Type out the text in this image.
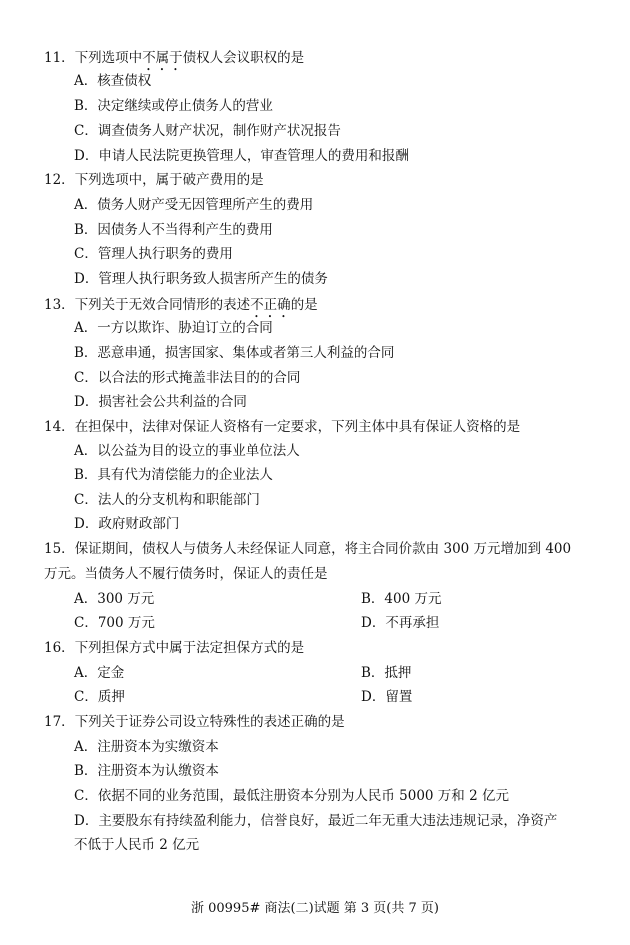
11．下列选项中不属于债权人会议职权的是
A．核查债权
B．决定继续或停止债务人的营业
C．调查债务人财产状况，制作财产状况报告
D．申请人民法院更换管理人，审查管理人的费用和报酬
12．下列选项中，属于破产费用的是
A．债务人财产受无因管理所产生的费用
B．因债务人不当得利产生的费用
C．管理人执行职务的费用
D．管理人执行职务致人损害所产生的债务
13．下列关于无效合同情形的表述不正确的是
A．一方以欺诈、胁迫订立的合同
B．恶意串通，损害国家、集体或者第三人利益的合同
C．以合法的形式掩盖非法目的的合同
D．损害社会公共利益的合同
14．在担保中，法律对保证人资格有一定要求，下列主体中具有保证人资格的是
A．以公益为目的设立的事业单位法人
B．具有代为清偿能力的企业法人
C．法人的分支机构和职能部门
D．政府财政部门
15．保证期间，债权人与债务人未经保证人同意，将主合同价款由 300 万元增加到 400
万元。当债务人不履行债务时，保证人的责任是
A．300 万元	B．400 万元
C．700 万元	D．不再承担
16．下列担保方式中属于法定担保方式的是
A．定金	B．抵押
C．质押	D．留置
17．下列关于证券公司设立特殊性的表述正确的是
A．注册资本为实缴资本
B．注册资本为认缴资本
C．依据不同的业务范围，最低注册资本分别为人民币 5000 万和 2 亿元
D．主要股东有持续盈利能力，信誉良好，最近二年无重大违法违规记录，净资产
不低于人民币 2 亿元
浙 00995# 商法(二)试题 第 3 页(共 7 页)
